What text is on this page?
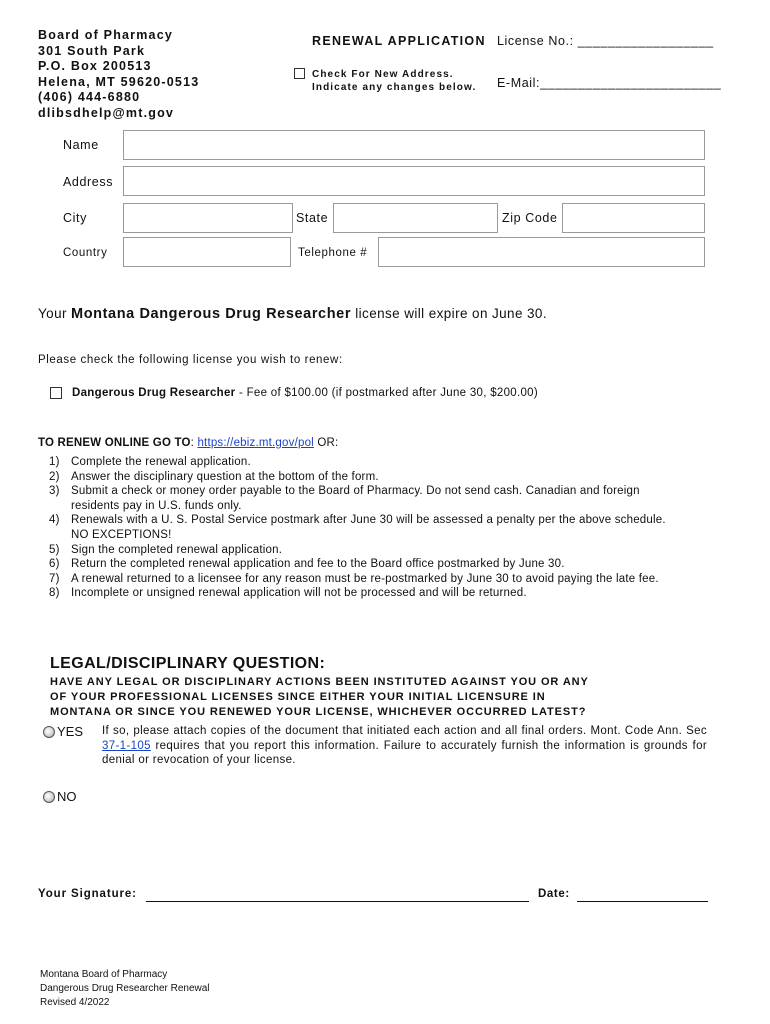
Board of Pharmacy
301 South Park
P.O. Box 200513
Helena, MT 59620-0513
(406) 444-6880
dlibsdhelp@mt.gov
RENEWAL APPLICATION License No.: __________________
E-Mail:________________________
Check For New Address.
Indicate any changes below.
Name
Address
City	State	Zip Code
Country	Telephone #
Your Montana Dangerous Drug Researcher license will expire on June 30.
Please check the following license you wish to renew:
Dangerous Drug Researcher - Fee of $100.00 (if postmarked after June 30, $200.00)
TO RENEW ONLINE GO TO: https://ebiz.mt.gov/pol OR:
1) Complete the renewal application.
2) Answer the disciplinary question at the bottom of the form.
3) Submit a check or money order payable to the Board of Pharmacy. Do not send cash. Canadian and foreign
residents pay in U.S. funds only.
4) Renewals with a U. S. Postal Service postmark after June 30 will be assessed a penalty per the above schedule.
NO EXCEPTIONS!
5) Sign the completed renewal application.
6) Return the completed renewal application and fee to the Board office postmarked by June 30.
7) A renewal returned to a licensee for any reason must be re-postmarked by June 30 to avoid paying the late fee.
8) Incomplete or unsigned renewal application will not be processed and will be returned.
LEGAL/DISCIPLINARY QUESTION:
HAVE ANY LEGAL OR DISCIPLINARY ACTIONS BEEN INSTITUTED AGAINST YOU OR ANY
OF YOUR PROFESSIONAL LICENSES SINCE EITHER YOUR INITIAL LICENSURE IN
MONTANA OR SINCE YOU RENEWED YOUR LICENSE, WHICHEVER OCCURRED LATEST?
YES If so, please attach copies of the document that initiated each action and all final orders. Mont. Code Ann. Sec 37-1-105 requires that you report this information. Failure to accurately furnish the information is grounds for denial or revocation of your license.
NO
Your Signature:	Date:
Montana Board of Pharmacy
Dangerous Drug Researcher Renewal
Revised 4/2022
